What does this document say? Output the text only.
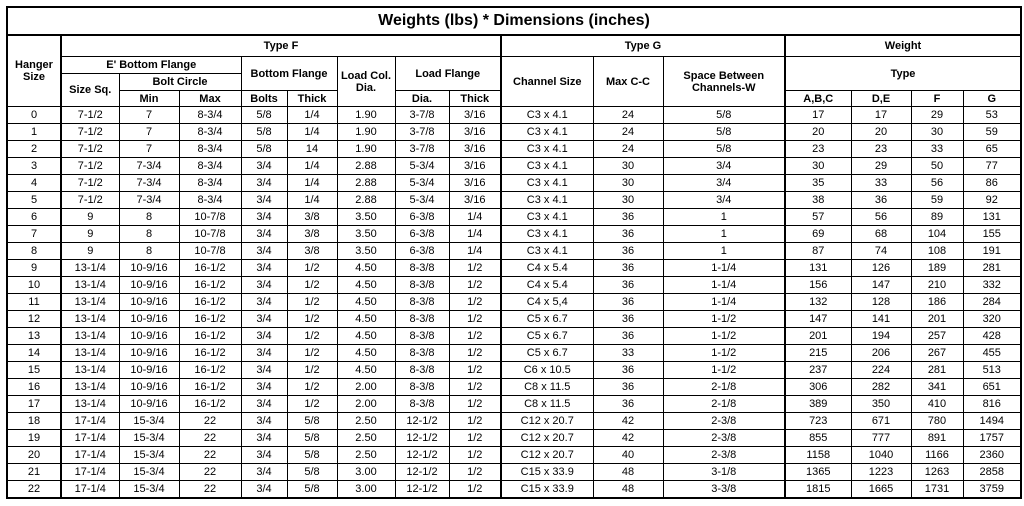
Weights (lbs) * Dimensions (inches)															
Hanger Size	Type F								Type G			Weight			
	E' Bottom Flange			Bottom Flange		Load Col. Dia.	Load Flange		Channel Size	Max C-C	Space Between Channels-W	Type			
	Size Sq.	Bolt Circle													
		Min	Max	Bolts	Thick		Dia.	Thick				A,B,C	D,E	F	G
0	7-1/2	7	8-3/4	5/8	1/4	1.90	3-7/8	3/16	C3 x 4.1	24	5/8	17	17	29	53
1	7-1/2	7	8-3/4	5/8	1/4	1.90	3-7/8	3/16	C3 x 4.1	24	5/8	20	20	30	59
2	7-1/2	7	8-3/4	5/8	14	1.90	3-7/8	3/16	C3 x 4.1	24	5/8	23	23	33	65
3	7-1/2	7-3/4	8-3/4	3/4	1/4	2.88	5-3/4	3/16	C3 x 4.1	30	3/4	30	29	50	77
4	7-1/2	7-3/4	8-3/4	3/4	1/4	2.88	5-3/4	3/16	C3 x 4.1	30	3/4	35	33	56	86
5	7-1/2	7-3/4	8-3/4	3/4	1/4	2.88	5-3/4	3/16	C3 x 4.1	30	3/4	38	36	59	92
6	9	8	10-7/8	3/4	3/8	3.50	6-3/8	1/4	C3 x 4.1	36	1	57	56	89	131
7	9	8	10-7/8	3/4	3/8	3.50	6-3/8	1/4	C3 x 4.1	36	1	69	68	104	155
8	9	8	10-7/8	3/4	3/8	3.50	6-3/8	1/4	C3 x 4.1	36	1	87	74	108	191
9	13-1/4	10-9/16	16-1/2	3/4	1/2	4.50	8-3/8	1/2	C4 x 5.4	36	1-1/4	131	126	189	281
10	13-1/4	10-9/16	16-1/2	3/4	1/2	4.50	8-3/8	1/2	C4 x 5.4	36	1-1/4	156	147	210	332
11	13-1/4	10-9/16	16-1/2	3/4	1/2	4.50	8-3/8	1/2	C4 x 5,4	36	1-1/4	132	128	186	284
12	13-1/4	10-9/16	16-1/2	3/4	1/2	4.50	8-3/8	1/2	C5 x 6.7	36	1-1/2	147	141	201	320
13	13-1/4	10-9/16	16-1/2	3/4	1/2	4.50	8-3/8	1/2	C5 x 6.7	36	1-1/2	201	194	257	428
14	13-1/4	10-9/16	16-1/2	3/4	1/2	4.50	8-3/8	1/2	C5 x 6.7	33	1-1/2	215	206	267	455
15	13-1/4	10-9/16	16-1/2	3/4	1/2	4.50	8-3/8	1/2	C6 x 10.5	36	1-1/2	237	224	281	513
16	13-1/4	10-9/16	16-1/2	3/4	1/2	2.00	8-3/8	1/2	C8 x 11.5	36	2-1/8	306	282	341	651
17	13-1/4	10-9/16	16-1/2	3/4	1/2	2.00	8-3/8	1/2	C8 x 11.5	36	2-1/8	389	350	410	816
18	17-1/4	15-3/4	22	3/4	5/8	2.50	12-1/2	1/2	C12 x 20.7	42	2-3/8	723	671	780	1494
19	17-1/4	15-3/4	22	3/4	5/8	2.50	12-1/2	1/2	C12 x 20.7	42	2-3/8	855	777	891	1757
20	17-1/4	15-3/4	22	3/4	5/8	2.50	12-1/2	1/2	C12 x 20.7	40	2-3/8	1158	1040	1166	2360
21	17-1/4	15-3/4	22	3/4	5/8	3.00	12-1/2	1/2	C15 x 33.9	48	3-1/8	1365	1223	1263	2858
22	17-1/4	15-3/4	22	3/4	5/8	3.00	12-1/2	1/2	C15 x 33.9	48	3-3/8	1815	1665	1731	3759
